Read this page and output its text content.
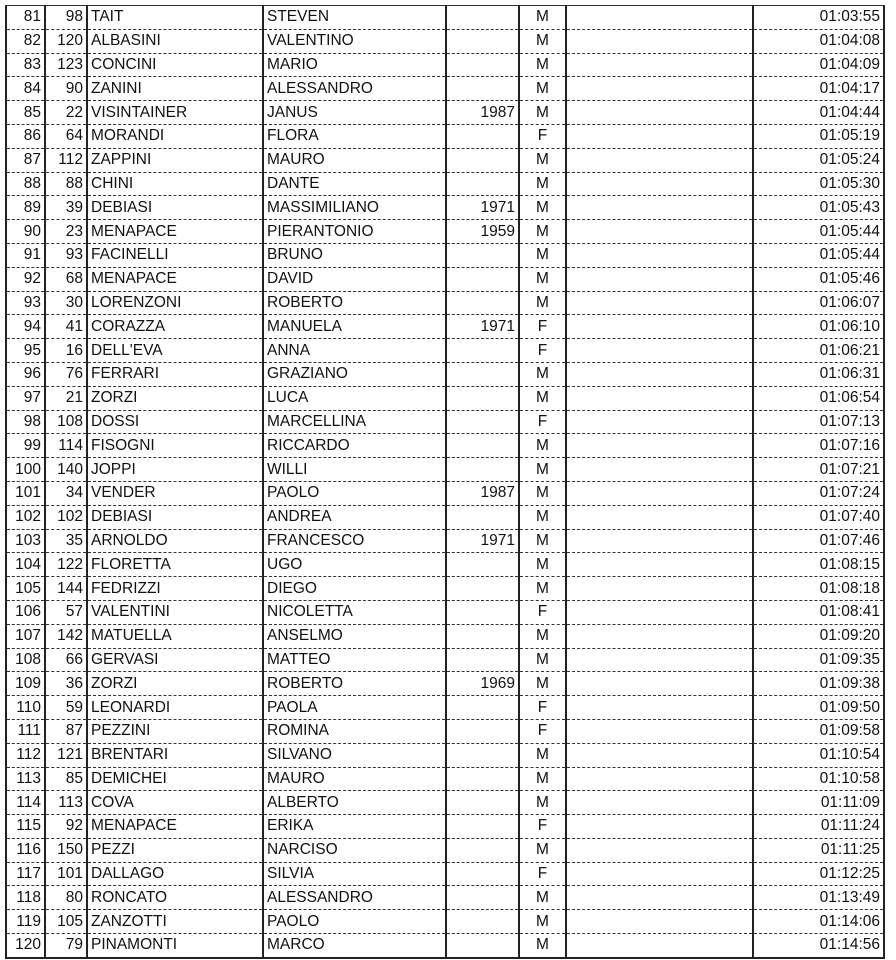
81	98	TAIT	STEVEN		M		01:03:55
82	120	ALBASINI	VALENTINO		M		01:04:08
83	123	CONCINI	MARIO		M		01:04:09
84	90	ZANINI	ALESSANDRO		M		01:04:17
85	22	VISINTAINER	JANUS	1987	M		01:04:44
86	64	MORANDI	FLORA		F		01:05:19
87	112	ZAPPINI	MAURO		M		01:05:24
88	88	CHINI	DANTE		M		01:05:30
89	39	DEBIASI	MASSIMILIANO	1971	M		01:05:43
90	23	MENAPACE	PIERANTONIO	1959	M		01:05:44
91	93	FACINELLI	BRUNO		M		01:05:44
92	68	MENAPACE	DAVID		M		01:05:46
93	30	LORENZONI	ROBERTO		M		01:06:07
94	41	CORAZZA	MANUELA	1971	F		01:06:10
95	16	DELL'EVA	ANNA		F		01:06:21
96	76	FERRARI	GRAZIANO		M		01:06:31
97	21	ZORZI	LUCA		M		01:06:54
98	108	DOSSI	MARCELLINA		F		01:07:13
99	114	FISOGNI	RICCARDO		M		01:07:16
100	140	JOPPI	WILLI		M		01:07:21
101	34	VENDER	PAOLO	1987	M		01:07:24
102	102	DEBIASI	ANDREA		M		01:07:40
103	35	ARNOLDO	FRANCESCO	1971	M		01:07:46
104	122	FLORETTA	UGO		M		01:08:15
105	144	FEDRIZZI	DIEGO		M		01:08:18
106	57	VALENTINI	NICOLETTA		F		01:08:41
107	142	MATUELLA	ANSELMO		M		01:09:20
108	66	GERVASI	MATTEO		M		01:09:35
109	36	ZORZI	ROBERTO	1969	M		01:09:38
110	59	LEONARDI	PAOLA		F		01:09:50
111	87	PEZZINI	ROMINA		F		01:09:58
112	121	BRENTARI	SILVANO		M		01:10:54
113	85	DEMICHEI	MAURO		M		01:10:58
114	113	COVA	ALBERTO		M		01:11:09
115	92	MENAPACE	ERIKA		F		01:11:24
116	150	PEZZI	NARCISO		M		01:11:25
117	101	DALLAGO	SILVIA		F		01:12:25
118	80	RONCATO	ALESSANDRO		M		01:13:49
119	105	ZANZOTTI	PAOLO		M		01:14:06
120	79	PINAMONTI	MARCO		M		01:14:56
